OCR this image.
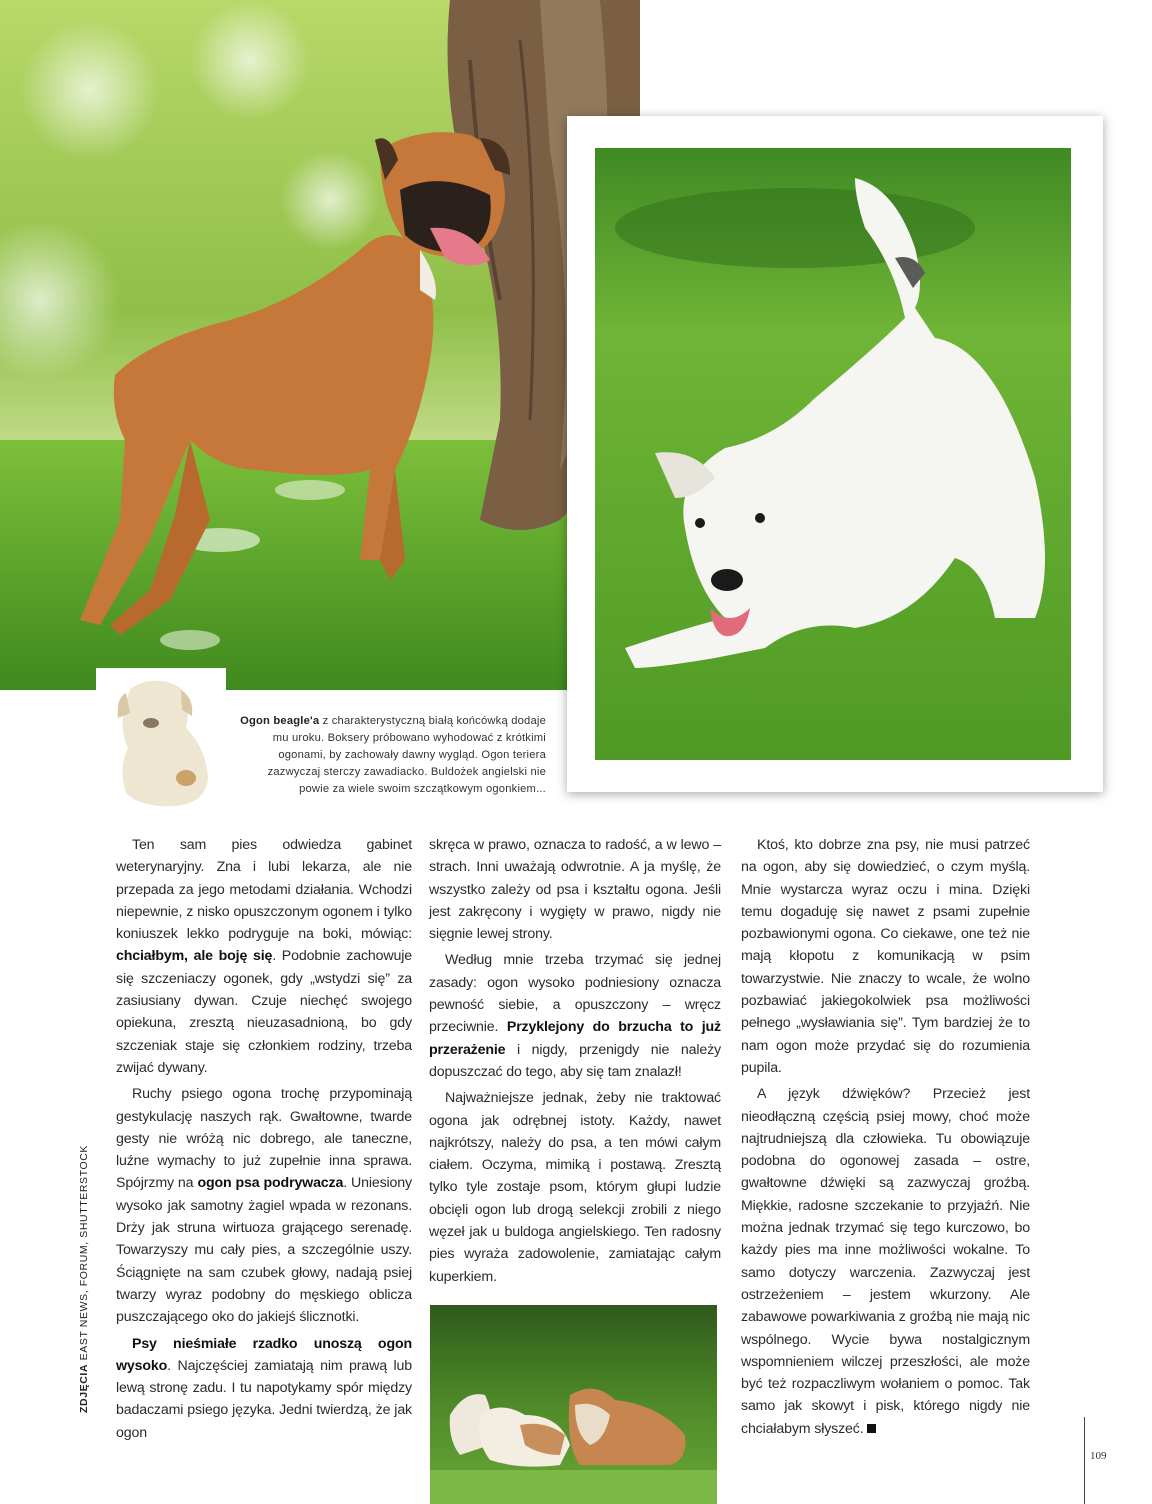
Ogon beagle'a z charakterystyczną białą końcówką dodaje mu uroku. Boksery próbowano wyhodować z krótkimi ogonami, by zachowały dawny wygląd. Ogon teriera zazwyczaj sterczy zawadiacko. Buldożek angielski nie powie za wiele swoim szczątkowym ogonkiem...

Ten sam pies odwiedza gabinet weterynaryjny. Zna i lubi lekarza, ale nie przepada za jego metodami działania. Wchodzi niepewnie, z nisko opuszczonym ogonem i tylko koniuszek lekko podryguje na boki, mówiąc: chciałbym, ale boję się. Podobnie zachowuje się szczeniaczy ogonek, gdy „wstydzi się” za zasiusiany dywan. Czuje niechęć swojego opiekuna, zresztą nieuzasadnioną, bo gdy szczeniak staje się członkiem rodziny, trzeba zwijać dywany.

Ruchy psiego ogona trochę przypominają gestykulację naszych rąk. Gwałtowne, twarde gesty nie wróżą nic dobrego, ale taneczne, luźne wymachy to już zupełnie inna sprawa. Spójrzmy na ogon psa podrywacza. Uniesiony wysoko jak samotny żagiel wpada w rezonans. Drży jak struna wirtuoza grającego serenadę. Towarzyszy mu cały pies, a szczególnie uszy. Ściągnięte na sam czubek głowy, nadają psiej twarzy wyraz podobny do męskiego oblicza puszczającego oko do jakiejś ślicznotki.

Psy nieśmiałe rzadko unoszą ogon wysoko. Najczęściej zamiatają nim prawą lub lewą stronę zadu. I tu napotykamy spór między badaczami psiego języka. Jedni twierdzą, że jak ogon

skręca w prawo, oznacza to radość, a w lewo – strach. Inni uważają odwrotnie. A ja myślę, że wszystko zależy od psa i kształtu ogona. Jeśli jest zakręcony i wygięty w prawo, nigdy nie sięgnie lewej strony.

Według mnie trzeba trzymać się jednej zasady: ogon wysoko podniesiony oznacza pewność siebie, a opuszczony – wręcz przeciwnie. Przyklejony do brzucha to już przerażenie i nigdy, przenigdy nie należy dopuszczać do tego, aby się tam znalazł!

Najważniejsze jednak, żeby nie traktować ogona jak odrębnej istoty. Każdy, nawet najkrótszy, należy do psa, a ten mówi całym ciałem. Oczyma, mimiką i postawą. Zresztą tylko tyle zostaje psom, którym głupi ludzie obcięli ogon lub drogą selekcji zrobili z niego węzeł jak u buldoga angielskiego. Ten radosny pies wyraża zadowolenie, zamiatając całym kuperkiem.

Ktoś, kto dobrze zna psy, nie musi patrzeć na ogon, aby się dowiedzieć, o czym myślą. Mnie wystarcza wyraz oczu i mina. Dzięki temu dogaduję się nawet z psami zupełnie pozbawionymi ogona. Co ciekawe, one też nie mają kłopotu z komunikacją w psim towarzystwie. Nie znaczy to wcale, że wolno pozbawiać jakiegokolwiek psa możliwości pełnego „wysławiania się”. Tym bardziej że to nam ogon może przydać się do rozumienia pupila.

A język dźwięków? Przecież jest nieodłączną częścią psiej mowy, choć może najtrudniejszą dla człowieka. Tu obowiązuje podobna do ogonowej zasada – ostre, gwałtowne dźwięki są zazwyczaj groźbą. Miękkie, radosne szczekanie to przyjaźń. Nie można jednak trzymać się tego kurczowo, bo każdy pies ma inne możliwości wokalne. To samo dotyczy warczenia. Zazwyczaj jest ostrzeżeniem – jestem wkurzony. Ale zabawowe powarkiwania z groźbą nie mają nic wspólnego. Wycie bywa nostalgicznym wspomnieniem wilczej przeszłości, ale może być też rozpaczliwym wołaniem o pomoc. Tak samo jak skowyt i pisk, którego nigdy nie chciałabym słyszeć.

ZDJĘCIA EAST NEWS, FORUM, SHUTTERSTOCK
109
